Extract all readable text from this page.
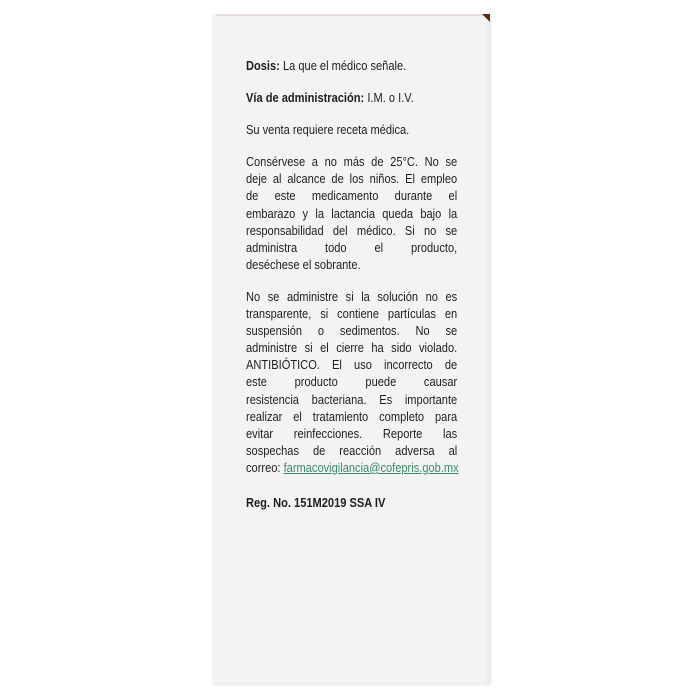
Dosis: La que el médico señale.
Vía de administración: I.M. o I.V.
Su venta requiere receta médica.
Consérvese a no más de 25°C. No se
deje al alcance de los niños. El empleo
de este medicamento durante el
embarazo y la lactancia queda bajo la
responsabilidad del médico. Si no se
administra todo el producto,
deséchese el sobrante.
No se administre si la solución no es
transparente, si contiene partículas en
suspensión o sedimentos. No se
administre si el cierre ha sido violado.
ANTIBIÓTICO. El uso incorrecto de
este producto puede causar
resistencia bacteriana. Es importante
realizar el tratamiento completo para
evitar reinfecciones. Reporte las
sospechas de reacción adversa al
correo: farmacovigilancia@cofepris.gob.mx
Reg. No. 151M2019 SSA IV
